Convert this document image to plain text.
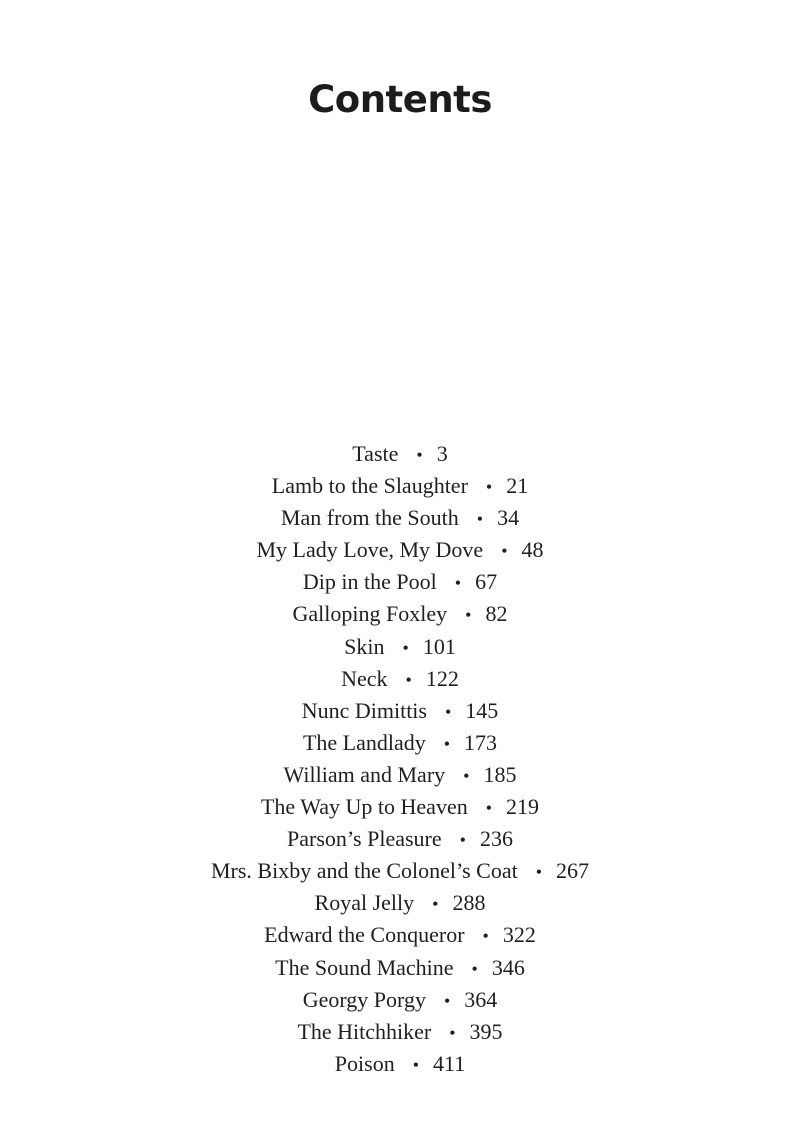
Contents
Taste • 3
Lamb to the Slaughter • 21
Man from the South • 34
My Lady Love, My Dove • 48
Dip in the Pool • 67
Galloping Foxley • 82
Skin • 101
Neck • 122
Nunc Dimittis • 145
The Landlady • 173
William and Mary • 185
The Way Up to Heaven • 219
Parson’s Pleasure • 236
Mrs. Bixby and the Colonel’s Coat • 267
Royal Jelly • 288
Edward the Conqueror • 322
The Sound Machine • 346
Georgy Porgy • 364
The Hitchhiker • 395
Poison • 411
